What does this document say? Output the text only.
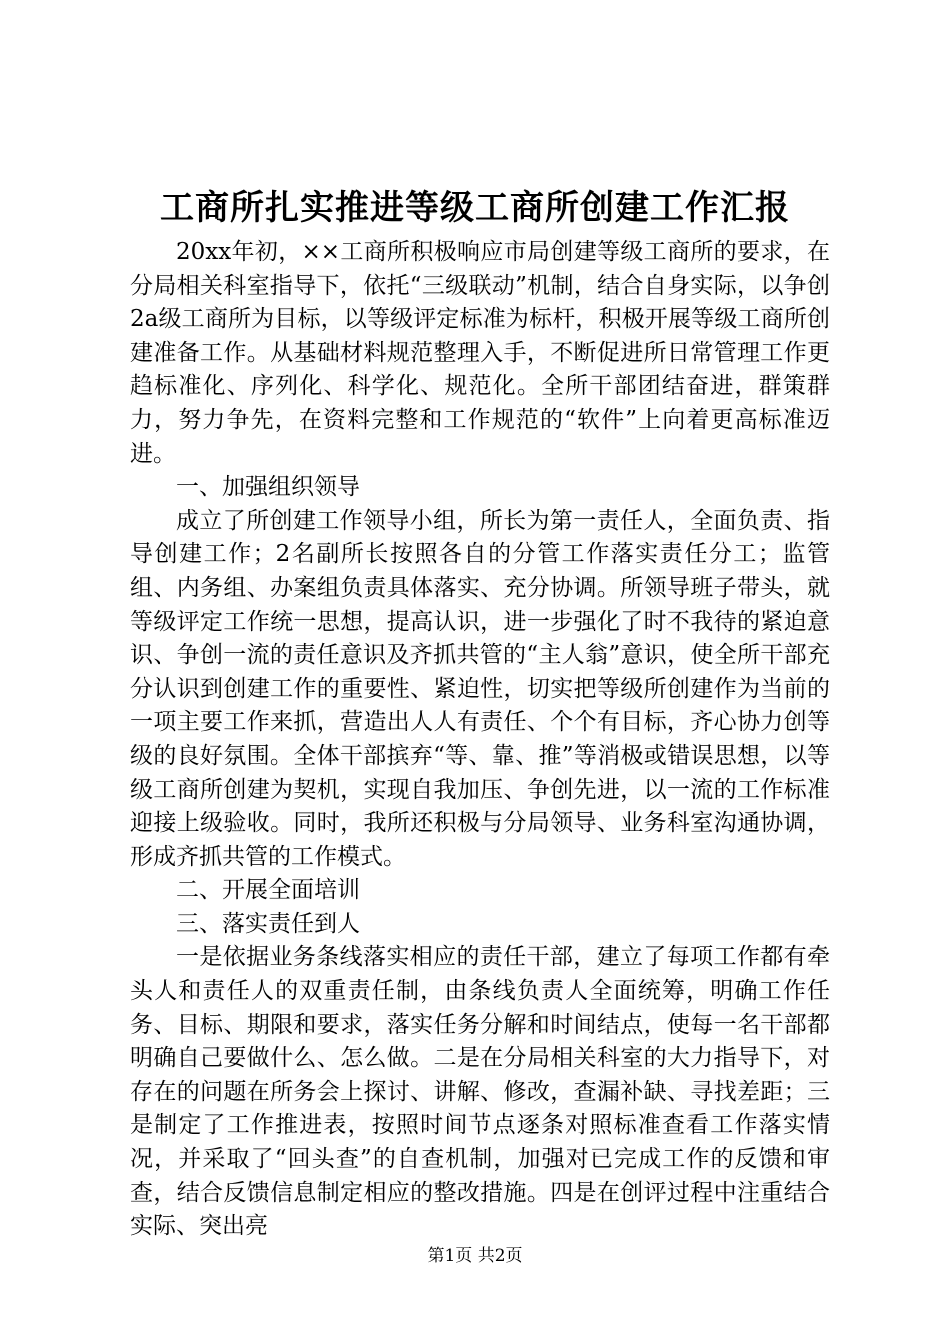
工商所扎实推进等级工商所创建工作汇报

20xx年初，××工商所积极响应市局创建等级工商所的要求，在分局相关科室指导下，依托“三级联动”机制，结合自身实际，以争创2a级工商所为目标，以等级评定标准为标杆，积极开展等级工商所创建准备工作。从基础材料规范整理入手，不断促进所日常管理工作更趋标准化、序列化、科学化、规范化。全所干部团结奋进，群策群力，努力争先，在资料完整和工作规范的“软件”上向着更高标准迈进。

一、加强组织领导

成立了所创建工作领导小组，所长为第一责任人，全面负责、指导创建工作；2名副所长按照各自的分管工作落实责任分工；监管组、内务组、办案组负责具体落实、充分协调。所领导班子带头，就等级评定工作统一思想，提高认识，进一步强化了时不我待的紧迫意识、争创一流的责任意识及齐抓共管的“主人翁”意识，使全所干部充分认识到创建工作的重要性、紧迫性，切实把等级所创建作为当前的一项主要工作来抓，营造出人人有责任、个个有目标，齐心协力创等级的良好氛围。全体干部摈弃“等、靠、推”等消极或错误思想，以等级工商所创建为契机，实现自我加压、争创先进，以一流的工作标准迎接上级验收。同时，我所还积极与分局领导、业务科室沟通协调，形成齐抓共管的工作模式。

二、开展全面培训

三、落实责任到人

一是依据业务条线落实相应的责任干部，建立了每项工作都有牵头人和责任人的双重责任制，由条线负责人全面统筹，明确工作任务、目标、期限和要求，落实任务分解和时间结点，使每一名干部都明确自己要做什么、怎么做。二是在分局相关科室的大力指导下，对存在的问题在所务会上探讨、讲解、修改，查漏补缺、寻找差距；三是制定了工作推进表，按照时间节点逐条对照标准查看工作落实情况，并采取了“回头查”的自查机制，加强对已完成工作的反馈和审查，结合反馈信息制定相应的整改措施。四是在创评过程中注重结合实际、突出亮

第1页 共2页
